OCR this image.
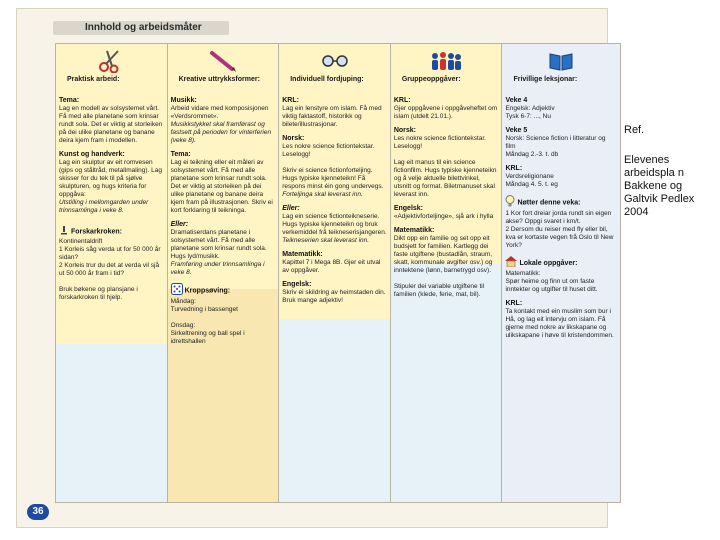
Innhold og arbeidsmåter
Praktisk arbeid:
Tema:
Lag en modell av solsystemet vårt. Få med alle planetane som krinsar rundt sola. Det er viktig at storleiken på dei ulike planetane og banane deira kjem fram i modellen.
Kunst og handverk:
Lag ein skulptur av eit romvesen (gips og ståltråd, metallmaling). Lag skisser for du tek til på sjølve skulpturen, og hugs kriteria for oppgåva:
Utstilling i mellomgarden under trinnsamlinga i veke 8.
Forskarkroken:
Kontinentaldrift
1 Korleis såg verda ut for 50 000 år sidan?
2 Korleis trur du det at verda vil sjå ut 50 000 år fram i tid?

Bruk bøkene og plansjane i forskarkroken til hjelp.
Kreative uttrykksformer:
Musikk:
Arbeid vidare med komposisjonen «Verdsrommet».
Musikkstykket skal framførast og fastsett på perioden for vinterferien (veke 8).
Tema:
Lag ei teikning eller eit måleri av solsystemet vårt. Få med alle planetane som krinsar rundt sola. Det er viktig at storleiken på dei ulike planetane og banane deira kjem fram på illustrasjonen. Skriv ei kort forklaring til teikninga.
Eller:
Dramatiserdans planetane i solsystemet vårt. Få med alle planetane som krinsar rundt sola. Hugs lyd/musikk.
Framføring under trinnsamlinga i veke 8.
Kroppsøving:
Måndag:
Turvedning i bassenget

Onsdag:
Sirkeltrening og ball spel i idrettshallen
Individuell fordjuping:
KRL:
Lag ein lenstyre om islam. Få med viktig faktastoff, historikk og bilete/illustrasjonar.
Norsk:
Les nokre science fictiontekstar. Leselogg!

Skriv ei science fictionforteljing. Hugs typiske kjenneteikn! Få respons minst éin gong undervegs.
Forteljinga skal leverast inn.
Eller:
Lag ein science fictionteikneserie. Hugs typiske kjenneteikn og bruk verkemiddel frå teikneserisjangeren.
Teikneserien skal leverast inn.
Matematikk:
Kapittel 7 i Mega 8B. Gjer eit utval av oppgåver.
Engelsk:
Skriv ei skildring av heimstaden din. Bruk mange adjektiv!
Gruppeoppgåver:
KRL:
Gjer oppgåvene i oppgåveheftet om islam (utdelt 21.01.).
Norsk:
Les nokre science fictiontekstar. Leselogg!

Lag eit manus til ein science fictionfilm. Hugs typiske kjenneteikn og å velje aktuelle bilettvinkel, utsnitt og format. Biletmanuset skal leverast inn.
Engelsk:
«Adjektivforteljinge», sjå ark i hylla
Matematikk:
Dikt opp ein familie og set opp eit budsjett for familien. Kartlegg dei faste utgiftene (bustadlån, straum, skatt, kommunale avgifter osv.) og inntektene (lønn, barnetrygd osv).

Stipuler dei variable utgiftene til familien (klede, ferie, mat, bil).
Frivillige leksjonar:
Veke 4
Engelsk: Adjektiv
Tysk 6-7: ..., Nu
Veke 5
Norsk: Science fiction i litteratur og film
Måndag 2.-3. t. db
KRL:
Verdsreligionane
Måndag 4. 5. t. eg
Nøtter denne veka:
1 Kor fort dreiar jorda rundt sin eigen akse? Oppgi svaret i km/t.
2 Dersom du reiser med fly eller bil, kva er kortaste vegen frå Oslo til New York?
Lokale oppgåver:
Matematikk:
Spør heime og finn ut om faste inntekter og utgifter til huset ditt.
KRL:
Ta kontakt med ein muslim som bur i Hå, og lag eit intervju om islam. Få gjerne med nokre av likskapane og ulikskapane i høve til kristendommen.
36
Ref.
Elevenes arbeidspla n Bakkene og Galtvik Pedlex 2004
